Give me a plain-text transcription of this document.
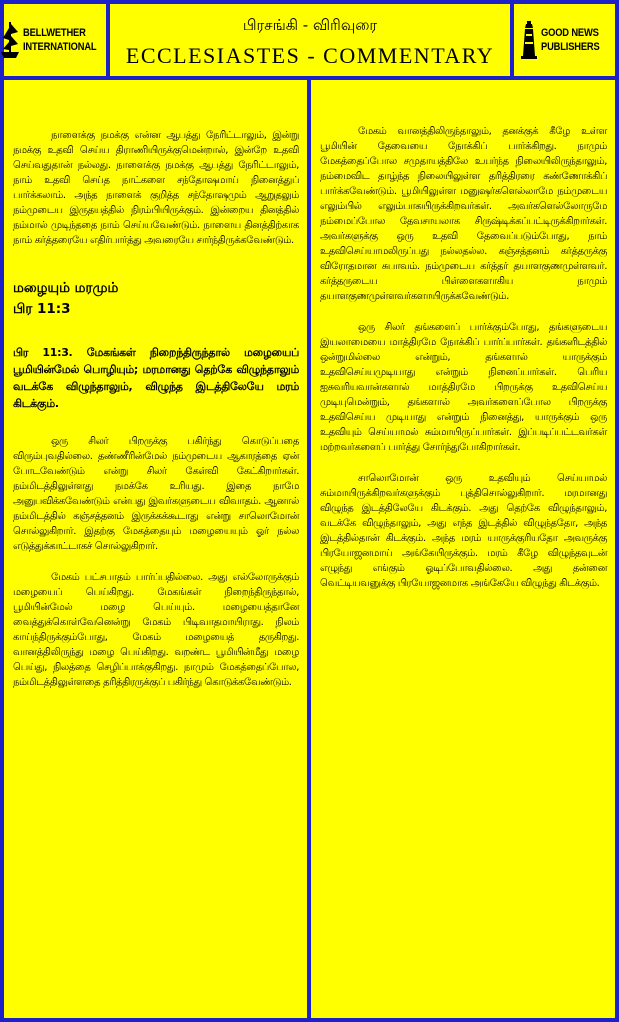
BELLWETHER
INTERNATIONAL
பிரசங்கி - விரிவுரை
ECCLESIASTES - COMMENTARY
GOOD NEWS
PUBLISHERS

நாளைக்கு நமக்கு என்ன ஆபத்து நேரிட்டாலும், இன்று நமக்கு உதவி செய்ய திராணியிருக்குமென்றால், இன்றே உதவி செய்வதுதான் நல்லது. நாளைக்கு நமக்கு ஆபத்து நேரிட்டாலும், நாம் உதவி செய்த நாட்களை சந்தோஷமாய் நினைத்துப் பார்க்கலாம். அந்த நாளைக் குறித்த சந்தோஷமும் ஆறுதலும் நம்முடைய இருதயத்தில் நிரம்பியிருக்கும். இன்றைய தினத்தில் நம்மால் முடிந்ததை நாம் செய்யவேண்டும். நாளைய தினத்திற்காக நாம் கர்த்தரையே எதிர்பார்த்து அவரையே சார்ந்திருக்கவேண்டும்.

மழையும் மரமும்
பிர 11:3

பிர 11:3. மேகங்கள் நிறைந்திருந்தால் மழையைப் பூமியின்மேல் பொழியும்; மரமானது தெற்கே விழுந்தாலும் வடக்கே விழுந்தாலும், விழுந்த இடத்திலேயே மரம் கிடக்கும்.

ஒரு சிலர் பிறருக்கு பகிர்ந்து கொடுப்பதை விரும்புவதில்லை. தண்ணீரின்மேல் நம்முடைய ஆகாரத்தை ஏன் போடவேண்டும் என்று சிலர் கேள்வி கேட்கிறார்கள். நம்மிடத்திலுள்ளது நமக்கே உரியது. இதை நாமே அனுபவிக்கவேண்டும் என்பது இவர்களுடைய விவாதம். ஆனால் நம்மிடத்தில் கஞ்சத்தனம் இருக்கக்கூடாது என்று சாலொமோன் சொல்லுகிறார். இதற்கு மேகத்தையும் மழையையும் ஓர் நல்ல எடுத்துக்காட்டாகச் சொல்லுகிறார்.

மேகம் பட்சபாதம் பார்ப்பதில்லை. அது எல்லோருக்கும் மழையைப் பெய்கிறது. மேகங்கள் நிறைந்திருந்தால், பூமியின்மேல் மழை பெய்யும். மழையைத்தானே வைத்துக்கொள்வேனென்று மேகம் பிடிவாதமாயிராது. நிலம் காய்ந்திருக்கும்போது, மேகம் மழையைத் தருகிறது. வானத்திலிருந்து மழை பெய்கிறது. வறண்ட பூமியின்மீது மழை பெய்து, நிலத்தை செழிப்பாக்குகிறது. நாமும் மேகத்தைப்போல, நம்மிடத்திலுள்ளதை தரித்திரருக்குப் பகிர்ந்து கொடுக்கவேண்டும்.

மேகம் வானத்திலிருந்தாலும், தனக்குக் கீழே உள்ள பூமியின் தேவையை நோக்கிப் பார்க்கிறது. நாமும் மேகத்தைப்போல சமுதாயத்திலே உயர்ந்த நிலையிலிருந்தாலும், நம்மைவிட தாழ்ந்த நிலையிலுள்ள தரித்திரரை கண்ணோக்கிப் பார்க்கவேண்டும். பூமியிலுள்ள மனுஷர்களெல்லாமே நம்முடைய எலும்பில் எலும்பாகயிருக்கிறவர்கள். அவர்களெல்லோருமே நம்மைப்போல தேவசாயலாக சிருஷ்டிக்கப்பட்டிருக்கிறார்கள். அவர்களுக்கு ஒரு உதவி தேவைப்படும்போது, நாம் உதவிசெய்யாமலிருப்பது நல்லதல்ல. கஞ்சத்தனம் கர்த்தருக்கு விரோதமான சுபாவம். நம்முடைய கர்த்தர் தயாளகுணமுள்ளவர். கர்த்தருடைய பிள்ளைகளாகிய நாமும் தயாளகுணமுள்ளவர்களாயிருக்கவேண்டும்.

ஒரு சிலர் தங்களைப் பார்க்கும்போது, தங்களுடைய இயலாமையை மாத்திரமே நோக்கிப் பார்ப்பார்கள். தங்களிடத்தில் ஒன்றுமில்லை என்றும், தங்களால் யாருக்கும் உதவிசெய்யமுடியாது என்றும் நினைப்பார்கள். பெரிய ஐசுவரியவான்களால் மாத்திரமே பிறருக்கு உதவிசெய்ய முடியுமென்றும், தங்களால் அவர்களைப்போல பிறருக்கு உதவிசெய்ய முடியாது என்றும் நினைத்து, யாருக்கும் ஒரு உதவியும் செய்யாமல் சும்மாயிருப்பார்கள். இப்படிப்பட்டவர்கள் மற்றவர்களைப் பார்த்து சோர்ந்துபோகிறார்கள்.

சாலொமோன் ஒரு உதவியும் செய்யாமல் சும்மாயிருக்கிறவர்களுக்கும் புத்திசொல்லுகிறார். மரமானது விழுந்த இடத்திலேயே கிடக்கும். அது தெற்கே விழுந்தாலும், வடக்கே விழுந்தாலும், அது எந்த இடத்தில் விழுந்ததோ, அந்த இடத்தில்தான் கிடக்கும். அந்த மரம் யாருக்குரியதோ அவருக்கு பிரயோஜனமாய் அங்கேயிருக்கும். மரம் கீழே விழுந்தவுடன் எழுந்து எங்கும் ஓடிப்போவதில்லை. அது தன்னை வெட்டியவனுக்கு பிரயோஜனமாக அங்கேயே விழுந்து கிடக்கும்.
